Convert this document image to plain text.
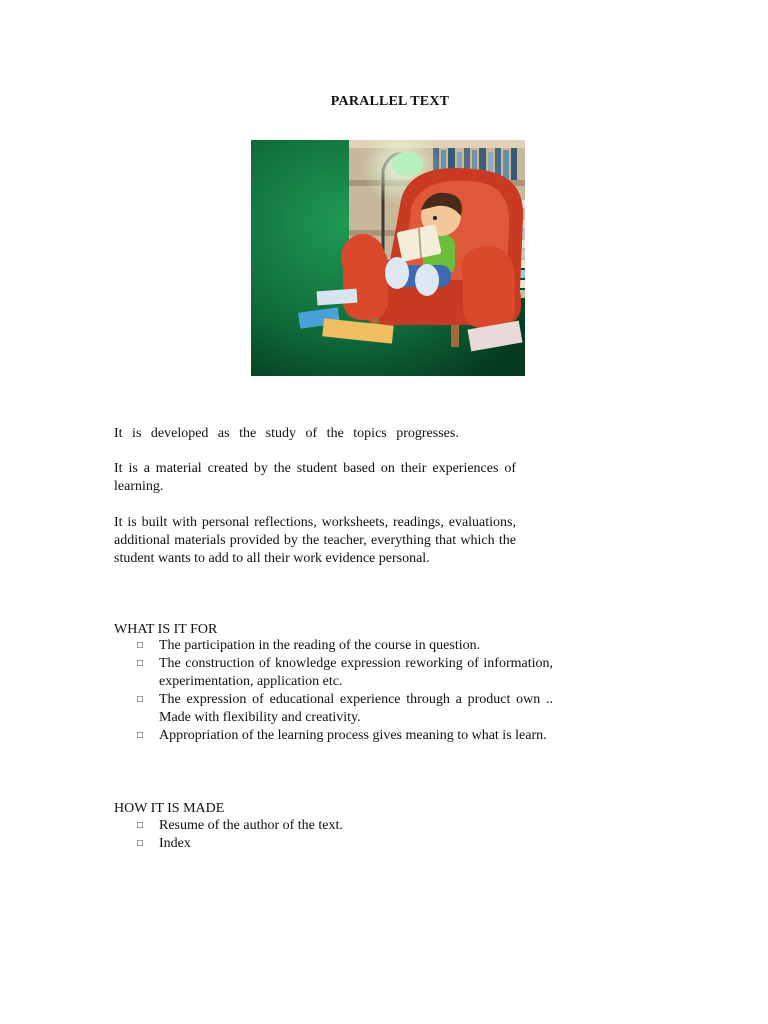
PARALLEL TEXT

It is developed as the study of the topics progresses.

It is a material created by the student based on their experiences of learning.

It is built with personal reflections, worksheets, readings, evaluations, additional materials provided by the teacher, everything that which the student wants to add to all their work evidence personal.

WHAT IS IT FOR
□ The participation in the reading of the course in question.
□ The construction of knowledge expression reworking of information, experimentation, application etc.
□ The expression of educational experience through a product own .. Made with flexibility and creativity.
□ Appropriation of the learning process gives meaning to what is learn.
HOW IT IS MADE
□ Resume of the author of the text.
□ Index
